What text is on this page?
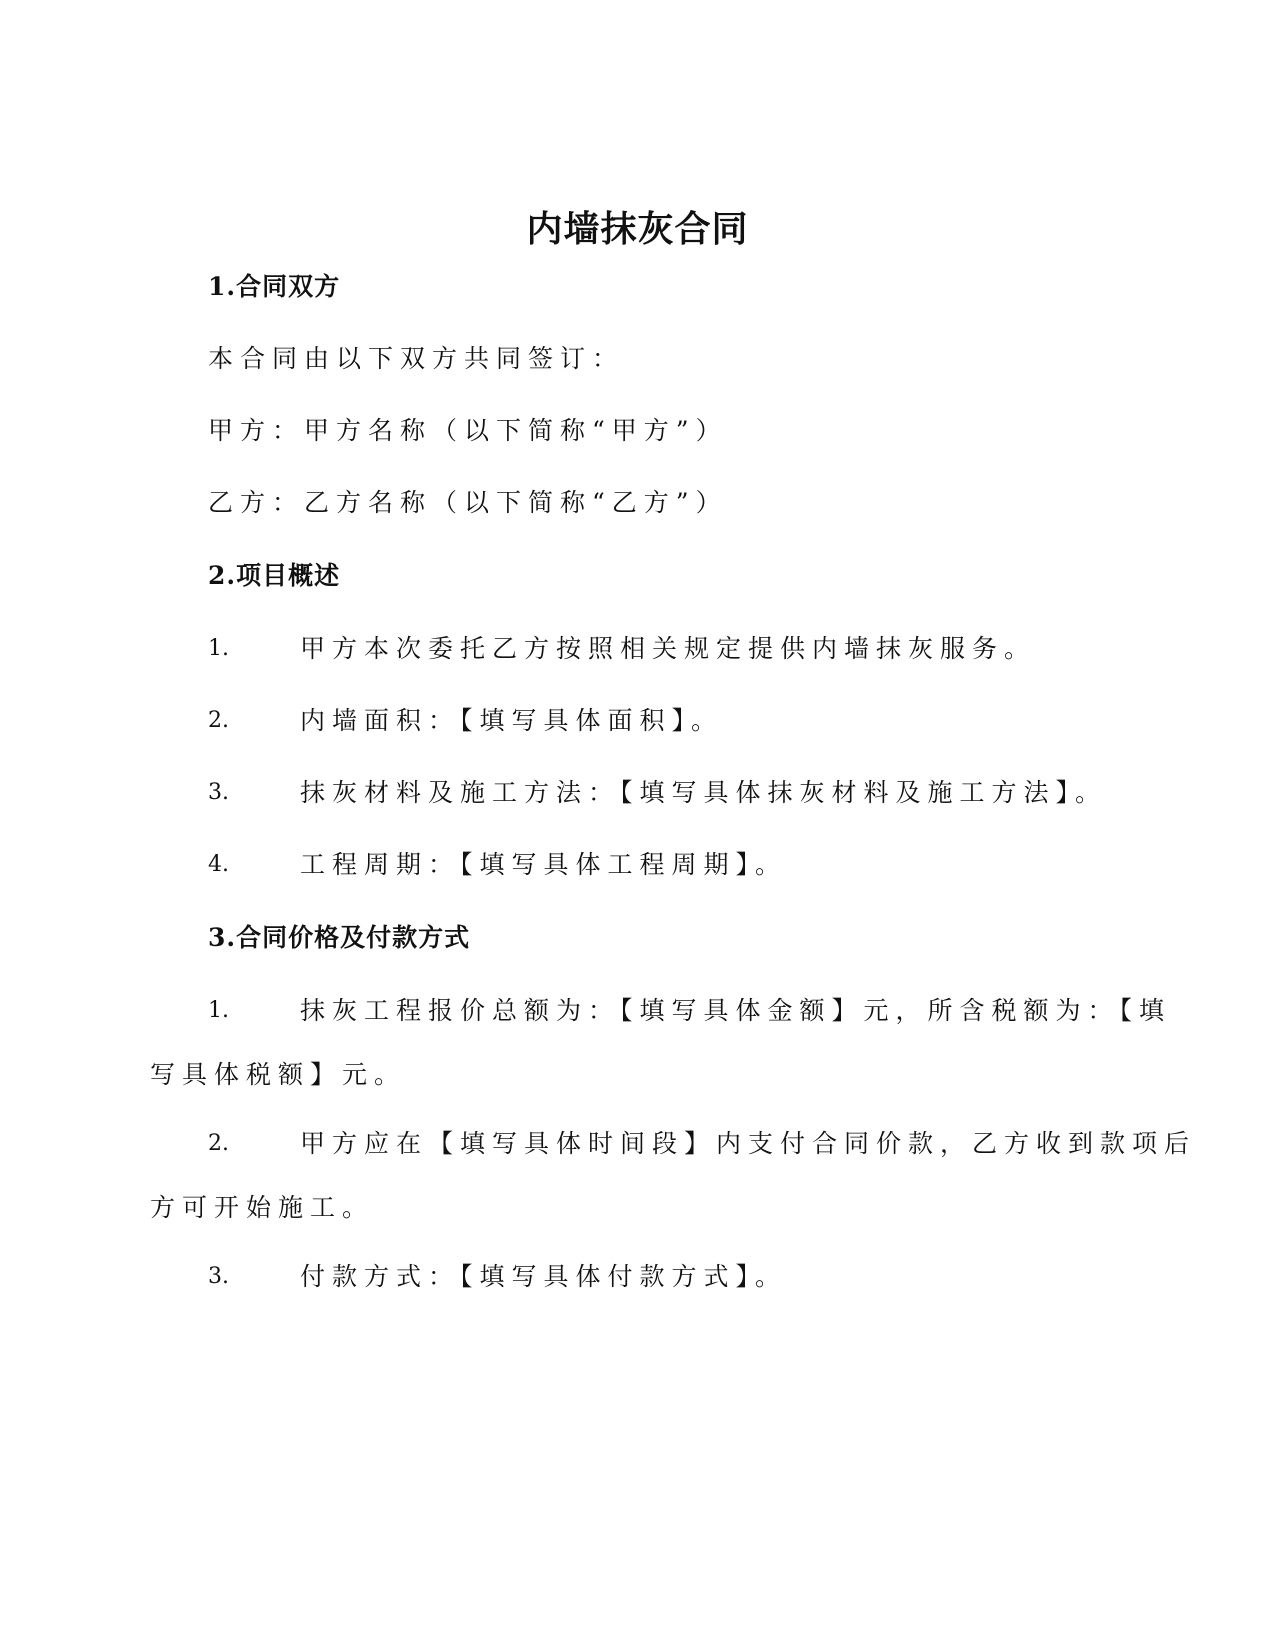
内墙抹灰合同
1.合同双方
本合同由以下双方共同签订：
甲方：甲方名称（以下简称“甲方”）
乙方：乙方名称（以下简称“乙方”）
2.项目概述
1.	甲方本次委托乙方按照相关规定提供内墙抹灰服务。
2.	内墙面积：【填写具体面积】。
3.	抹灰材料及施工方法：【填写具体抹灰材料及施工方法】。
4.	工程周期：【填写具体工程周期】。
3.合同价格及付款方式
1.	抹灰工程报价总额为：【填写具体金额】元，所含税额为：【填
写具体税额】元。
2.	甲方应在【填写具体时间段】内支付合同价款，乙方收到款项后
方可开始施工。
3.	付款方式：【填写具体付款方式】。
